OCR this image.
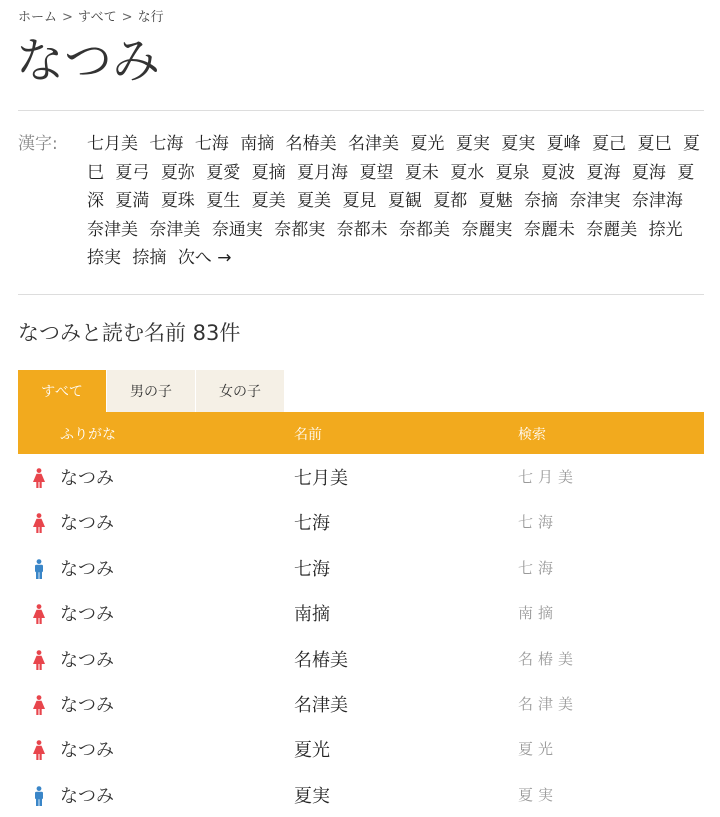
ホーム > すべて > な行
なつみ
漢字: 七月美 七海 七海 南摘 名椿美 名津美 夏光 夏実 夏実 夏峰 夏己 夏巳 夏巳 夏弓 夏弥 夏愛 夏摘 夏月海 夏望 夏未 夏水 夏泉 夏波 夏海 夏海 夏深 夏満 夏珠 夏生 夏美 夏美 夏見 夏観 夏都 夏魅 奈摘 奈津実 奈津海 奈津美 奈津美 奈通実 奈都実 奈都未 奈都美 奈麗実 奈麗未 奈麗美 捺光 捺実 捺摘 次へ →
なつみと読む名前 83件
すべて	男の子	女の子
ふりがな	名前	検索
なつみ	七月美	七月美
なつみ	七海	七海
なつみ	七海	七海
なつみ	南摘	南摘
なつみ	名椿美	名椿美
なつみ	名津美	名津美
なつみ	夏光	夏光
なつみ	夏実	夏実
